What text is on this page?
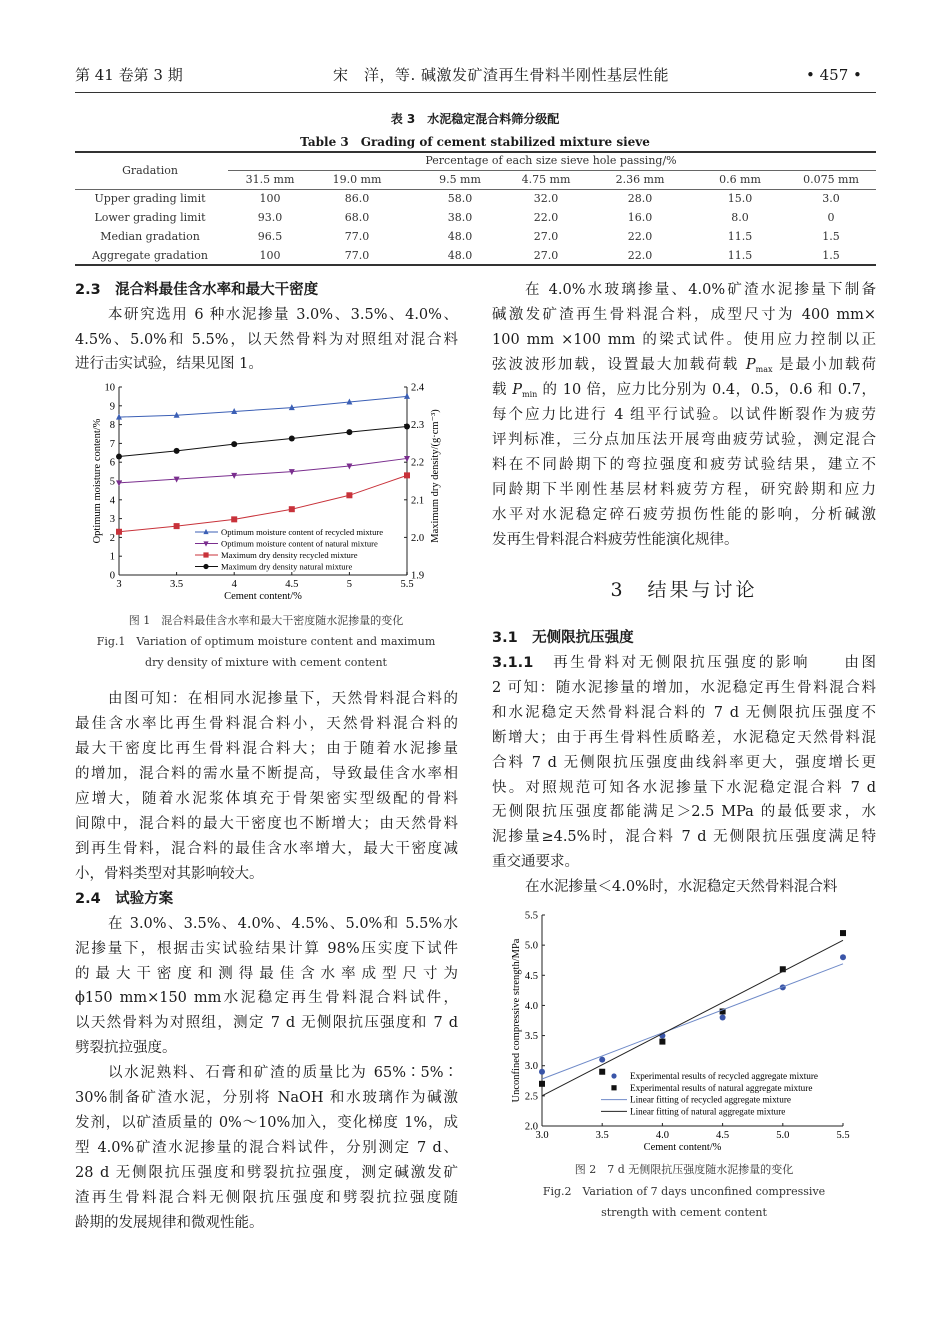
第 41 卷第 3 期	宋　洋，等. 碱激发矿渣再生骨料半刚性基层性能	• 457 •
表 3　水泥稳定混合料筛分级配
Table 3　Grading of cement stabilized mixture sieve
Gradation
Percentage of each size sieve hole passing/%
31.5 mm	19.0 mm	9.5 mm	4.75 mm	2.36 mm	0.6 mm	0.075 mm
Upper grading limit	100	86.0	58.0	32.0	28.0	15.0	3.0
Lower grading limit	93.0	68.0	38.0	22.0	16.0	8.0	0
Median gradation	96.5	77.0	48.0	27.0	22.0	11.5	1.5
Aggregate gradation	100	77.0	48.0	27.0	22.0	11.5	1.5
2.3　混合料最佳含水率和最大干密度
本研究选用 6 种水泥掺量 3.0%、3.5%、4.0%、
4.5%、5.0%和 5.5%，以天然骨料为对照组对混合料
进行击实试验，结果见图 1。
图 1　混合料最佳含水率和最大干密度随水泥掺量的变化
Fig.1　Variation of optimum moisture content and maximum
dry density of mixture with cement content
由图可知：在相同水泥掺量下，天然骨料混合料的
最佳含水率比再生骨料混合料小，天然骨料混合料的
最大干密度比再生骨料混合料大；由于随着水泥掺量
的增加，混合料的需水量不断提高，导致最佳含水率相
应增大，随着水泥浆体填充于骨架密实型级配的骨料
间隙中，混合料的最大干密度也不断增大；由天然骨料
到再生骨料，混合料的最佳含水率增大，最大干密度减
小，骨料类型对其影响较大。
2.4　试验方案
在 3.0%、3.5%、4.0%、4.5%、5.0%和 5.5%水
泥掺量下，根据击实试验结果计算 98%压实度下试件
的最大干密度和测得最佳含水率成型尺寸为
ϕ150 mm×150 mm水泥稳定再生骨料混合料试件，
以天然骨料为对照组，测定 7 d 无侧限抗压强度和 7 d
劈裂抗拉强度。
以水泥熟料、石膏和矿渣的质量比为 65%∶5%∶
30%制备矿渣水泥，分别将 NaOH 和水玻璃作为碱激
发剂，以矿渣质量的 0%～10%加入，变化梯度 1%，成
型 4.0%矿渣水泥掺量的混合料试件，分别测定 7 d、
28 d 无侧限抗压强度和劈裂抗拉强度，测定碱激发矿
渣再生骨料混合料无侧限抗压强度和劈裂抗拉强度随
龄期的发展规律和微观性能。
在 4.0%水玻璃掺量、4.0%矿渣水泥掺量下制备
碱激发矿渣再生骨料混合料，成型尺寸为 400 mm×
100 mm ×100 mm 的梁式试件。使用应力控制以正
弦波波形加载，设置最大加载荷载 $P_{max}$ 是最小加载荷
载 $P_{min}$ 的 10 倍，应力比分别为 0.4，0.5，0.6 和 0.7，
每个应力比进行 4 组平行试验。以试件断裂作为疲劳
评判标准，三分点加压法开展弯曲疲劳试验，测定混合
料在不同龄期下的弯拉强度和疲劳试验结果，建立不
同龄期下半刚性基层材料疲劳方程，研究龄期和应力
水平对水泥稳定碎石疲劳损伤性能的影响，分析碱激
发再生骨料混合料疲劳性能演化规律。
3　结果与讨论
3.1　无侧限抗压强度
3.1.1　再生骨料对无侧限抗压强度的影响　　由图
2 可知：随水泥掺量的增加，水泥稳定再生骨料混合料
和水泥稳定天然骨料混合料的 7 d 无侧限抗压强度不
断增大；由于再生骨料性质略差，水泥稳定天然骨料混
合料 7 d 无侧限抗压强度曲线斜率更大，强度增长更
快。对照规范可知各水泥掺量下水泥稳定混合料 7 d
无侧限抗压强度都能满足＞2.5 MPa 的最低要求，水
泥掺量≥4.5%时，混合料 7 d 无侧限抗压强度满足特
重交通要求。
在水泥掺量＜4.0%时，水泥稳定天然骨料混合料
图 2　7 d 无侧限抗压强度随水泥掺量的变化
Fig.2　Variation of 7 days unconfined compressive
strength with cement content
0
1
2
3
4
5
6
7
8
9
10
1.9
2.0
2.1
2.2
2.3
2.4
3	3.5	4	4.5	5	5.5
Cement content/%
Optimum moisture content/%	Maximum dry density/(g·cm⁻³)
Optimum moisture content of recycled mixture
Optimum moisture content of natural mixture
Maximum dry density recycled mixture
Maximum dry density natural mixture
2.0
2.5
3.0
3.5
4.0
4.5
5.0
5.5
3.0	3.5	4.0	4.5	5.0	5.5
Cement content/%
Unconfined compressive strength/MPa	Experimental results of recycled aggregate mixture
Experimental results of natural aggregate mixture
Linear fitting of recycled aggregate mixture
Linear fitting of natural aggregate mixture
